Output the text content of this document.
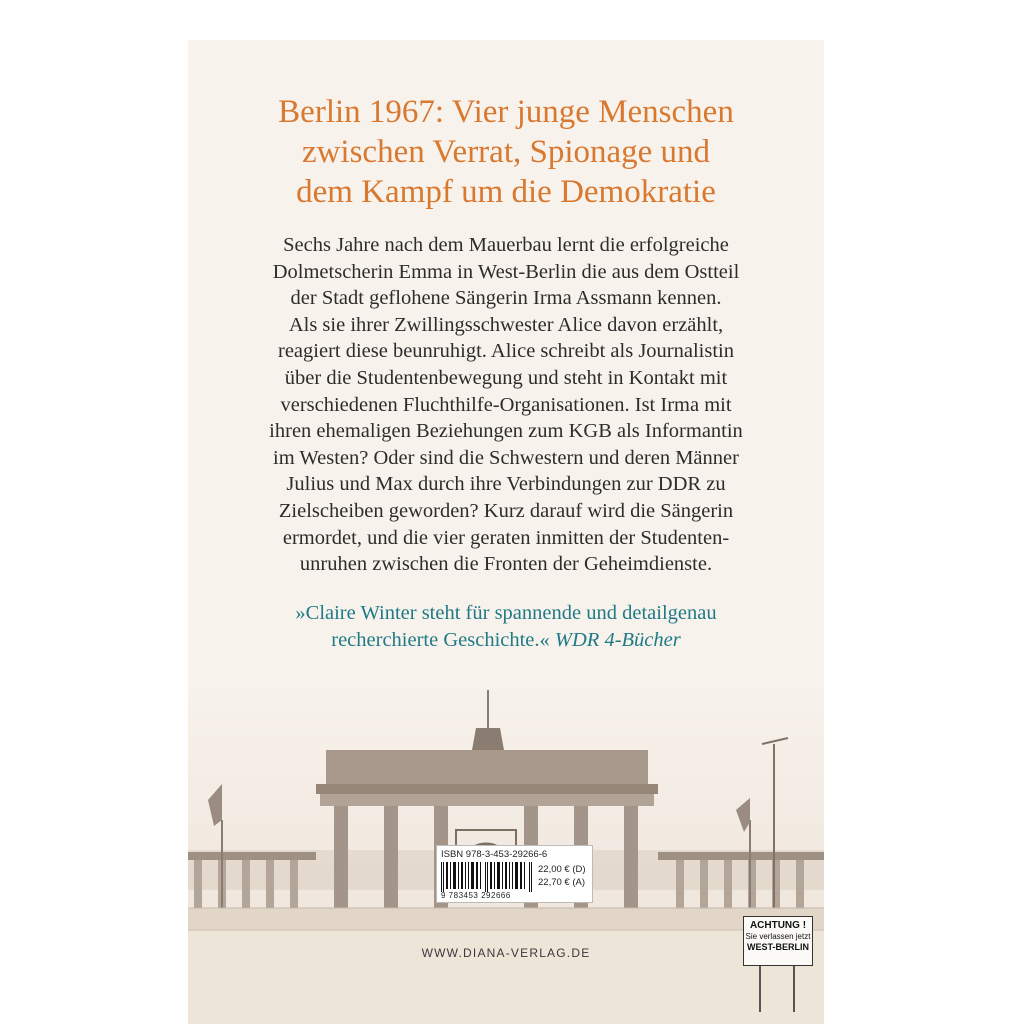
Berlin 1967: Vier junge Menschen
zwischen Verrat, Spionage und
dem Kampf um die Demokratie
Sechs Jahre nach dem Mauerbau lernt die erfolgreiche
Dolmetscherin Emma in West-Berlin die aus dem Ostteil
der Stadt geflohene Sängerin Irma Assmann kennen.
Als sie ihrer Zwillingsschwester Alice davon erzählt,
reagiert diese beunruhigt. Alice schreibt als Journalistin
über die Studentenbewegung und steht in Kontakt mit
verschiedenen Fluchthilfe-Organisationen. Ist Irma mit
ihren ehemaligen Beziehungen zum KGB als Informantin
im Westen? Oder sind die Schwestern und deren Männer
Julius und Max durch ihre Verbindungen zur DDR zu
Zielscheiben geworden? Kurz darauf wird die Sängerin
ermordet, und die vier geraten inmitten der Studenten-
unruhen zwischen die Fronten der Geheimdienste.
»Claire Winter steht für spannende und detailgenau
recherchierte Geschichte.« WDR 4-Bücher
ISBN 978-3-453-29266-6
9 783453 292666
22,00 € (D)
22,70 € (A)
ACHTUNG !
Sie verlassen jetzt
WEST-BERLIN
WWW.DIANA-VERLAG.DE
